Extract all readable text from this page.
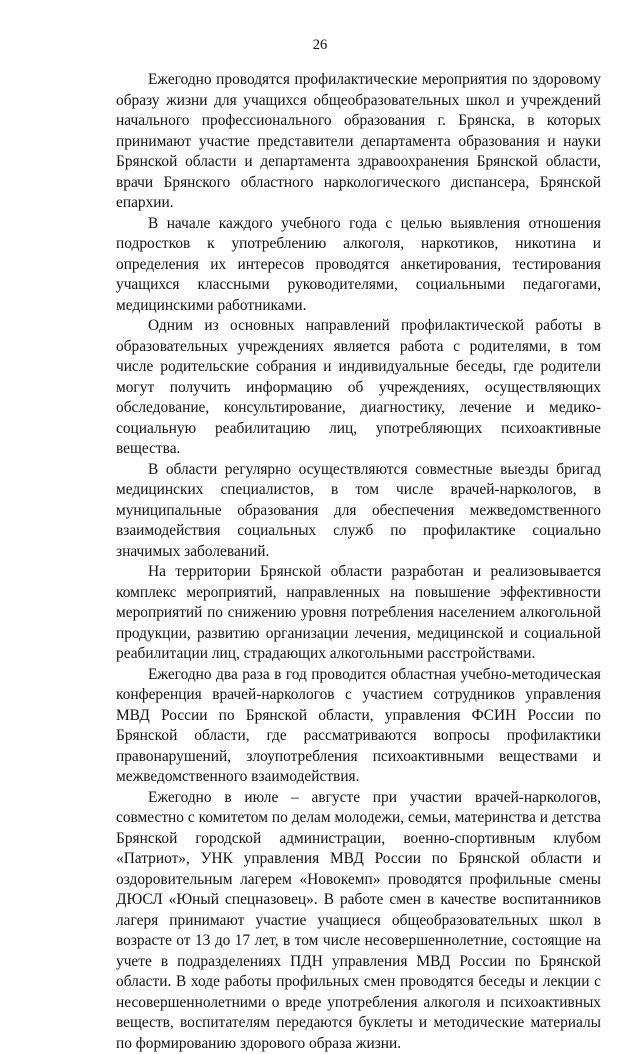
26

Ежегодно проводятся профилактические мероприятия по здоровому образу жизни для учащихся общеобразовательных школ и учреждений начального профессионального образования г. Брянска, в которых принимают участие представители департамента образования и науки Брянской области и департамента здравоохранения Брянской области, врачи Брянского областного наркологического диспансера, Брянской епархии.

В начале каждого учебного года с целью выявления отношения подростков к употреблению алкоголя, наркотиков, никотина и определения их интересов проводятся анкетирования, тестирования учащихся классными руководителями, социальными педагогами, медицинскими работниками.

Одним из основных направлений профилактической работы в образовательных учреждениях является работа с родителями, в том числе родительские собрания и индивидуальные беседы, где родители могут получить информацию об учреждениях, осуществляющих обследование, консультирование, диагностику, лечение и медико-социальную реабилитацию лиц, употребляющих психоактивные вещества.

В области регулярно осуществляются совместные выезды бригад медицинских специалистов, в том числе врачей-наркологов, в муниципальные образования для обеспечения межведомственного взаимодействия социальных служб по профилактике социально значимых заболеваний.

На территории Брянской области разработан и реализовывается комплекс мероприятий, направленных на повышение эффективности мероприятий по снижению уровня потребления населением алкогольной продукции, развитию организации лечения, медицинской и социальной реабилитации лиц, страдающих алкогольными расстройствами.

Ежегодно два раза в год проводится областная учебно-методическая конференция врачей-наркологов с участием сотрудников управления МВД России по Брянской области, управления ФСИН России по Брянской области, где рассматриваются вопросы профилактики правонарушений, злоупотребления психоактивными веществами и межведомственного взаимодействия.

Ежегодно в июле – августе при участии врачей-наркологов, совместно с комитетом по делам молодежи, семьи, материнства и детства Брянской городской администрации, военно-спортивным клубом «Патриот», УНК управления МВД России по Брянской области и оздоровительным лагерем «Новокемп» проводятся профильные смены ДЮСЛ «Юный спецназовец». В работе смен в качестве воспитанников лагеря принимают участие учащиеся общеобразовательных школ в возрасте от 13 до 17 лет, в том числе несовершеннолетние, состоящие на учете в подразделениях ПДН управления МВД России по Брянской области. В ходе работы профильных смен проводятся беседы и лекции с несовершеннолетними о вреде употребления алкоголя и психоактивных веществ, воспитателям передаются буклеты и методические материалы по формированию здорового образа жизни.
